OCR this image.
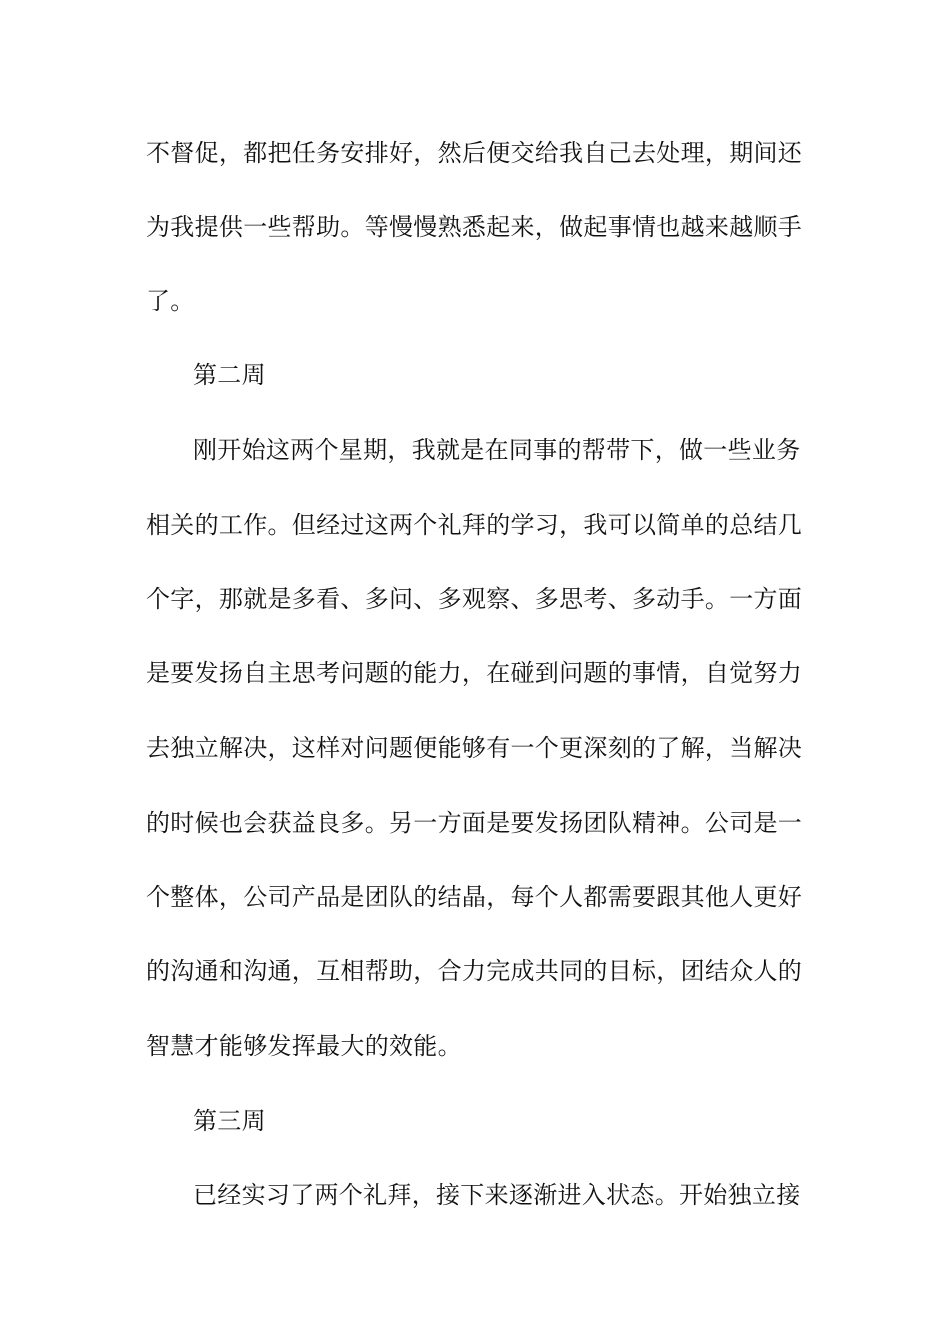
不督促，都把任务安排好，然后便交给我自己去处理，期间还
为我提供一些帮助。等慢慢熟悉起来，做起事情也越来越顺手
了。
第二周
刚开始这两个星期，我就是在同事的帮带下，做一些业务
相关的工作。但经过这两个礼拜的学习，我可以简单的总结几
个字，那就是多看、多问、多观察、多思考、多动手。一方面
是要发扬自主思考问题的能力，在碰到问题的事情，自觉努力
去独立解决，这样对问题便能够有一个更深刻的了解，当解决
的时候也会获益良多。另一方面是要发扬团队精神。公司是一
个整体，公司产品是团队的结晶，每个人都需要跟其他人更好
的沟通和沟通，互相帮助，合力完成共同的目标，团结众人的
智慧才能够发挥最大的效能。
第三周
已经实习了两个礼拜，接下来逐渐进入状态。开始独立接
